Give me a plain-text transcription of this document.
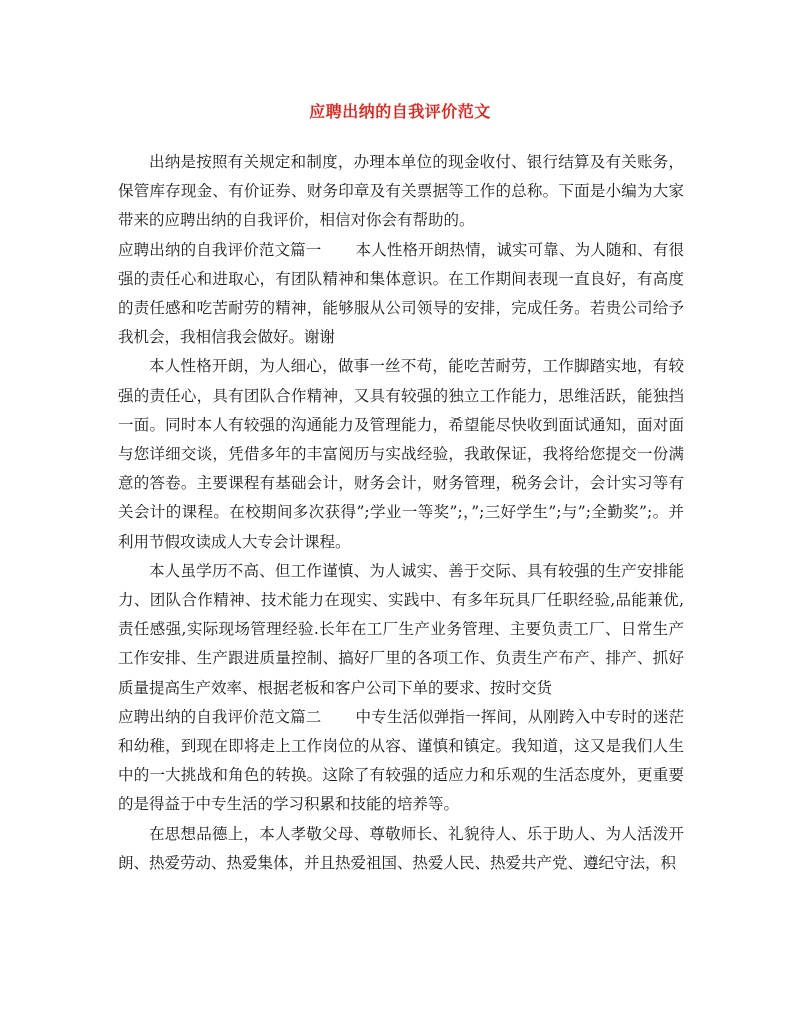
应聘出纳的自我评价范文

出纳是按照有关规定和制度，办理本单位的现金收付、银行结算及有关账务，保管库存现金、有价证券、财务印章及有关票据等工作的总称。下面是小编为大家带来的应聘出纳的自我评价，相信对你会有帮助的。

应聘出纳的自我评价范文篇一 本人性格开朗热情，诚实可靠、为人随和、有很强的责任心和进取心，有团队精神和集体意识。在工作期间表现一直良好，有高度的责任感和吃苦耐劳的精神，能够服从公司领导的安排，完成任务。若贵公司给予我机会，我相信我会做好。谢谢

本人性格开朗，为人细心，做事一丝不苟，能吃苦耐劳，工作脚踏实地，有较强的责任心，具有团队合作精神，又具有较强的独立工作能力，思维活跃，能独挡一面。同时本人有较强的沟通能力及管理能力，希望能尽快收到面试通知，面对面与您详细交谈，凭借多年的丰富阅历与实战经验，我敢保证，我将给您提交一份满意的答卷。主要课程有基础会计，财务会计，财务管理，税务会计，会计实习等有关会计的课程。在校期间多次获得”;学业一等奖”;，”;三好学生”;与”;全勤奖”;。并利用节假攻读成人大专会计课程。

本人虽学历不高、但工作谨慎、为人诚实、善于交际、具有较强的生产安排能力、团队合作精神、技术能力在现实、实践中、有多年玩具厂任职经验,品能兼优,责任感强,实际现场管理经验.长年在工厂生产业务管理、主要负责工厂、日常生产工作安排、生产跟进质量控制、搞好厂里的各项工作、负责生产布产、排产、抓好质量提高生产效率、根据老板和客户公司下单的要求、按时交货

应聘出纳的自我评价范文篇二 中专生活似弹指一挥间，从刚跨入中专时的迷茫和幼稚，到现在即将走上工作岗位的从容、谨慎和镇定。我知道，这又是我们人生中的一大挑战和角色的转换。这除了有较强的适应力和乐观的生活态度外，更重要的是得益于中专生活的学习积累和技能的培养等。

在思想品德上，本人孝敬父母、尊敬师长、礼貌待人、乐于助人、为人活泼开朗、热爱劳动、热爱集体，并且热爱祖国、热爱人民、热爱共产党、遵纪守法，积
